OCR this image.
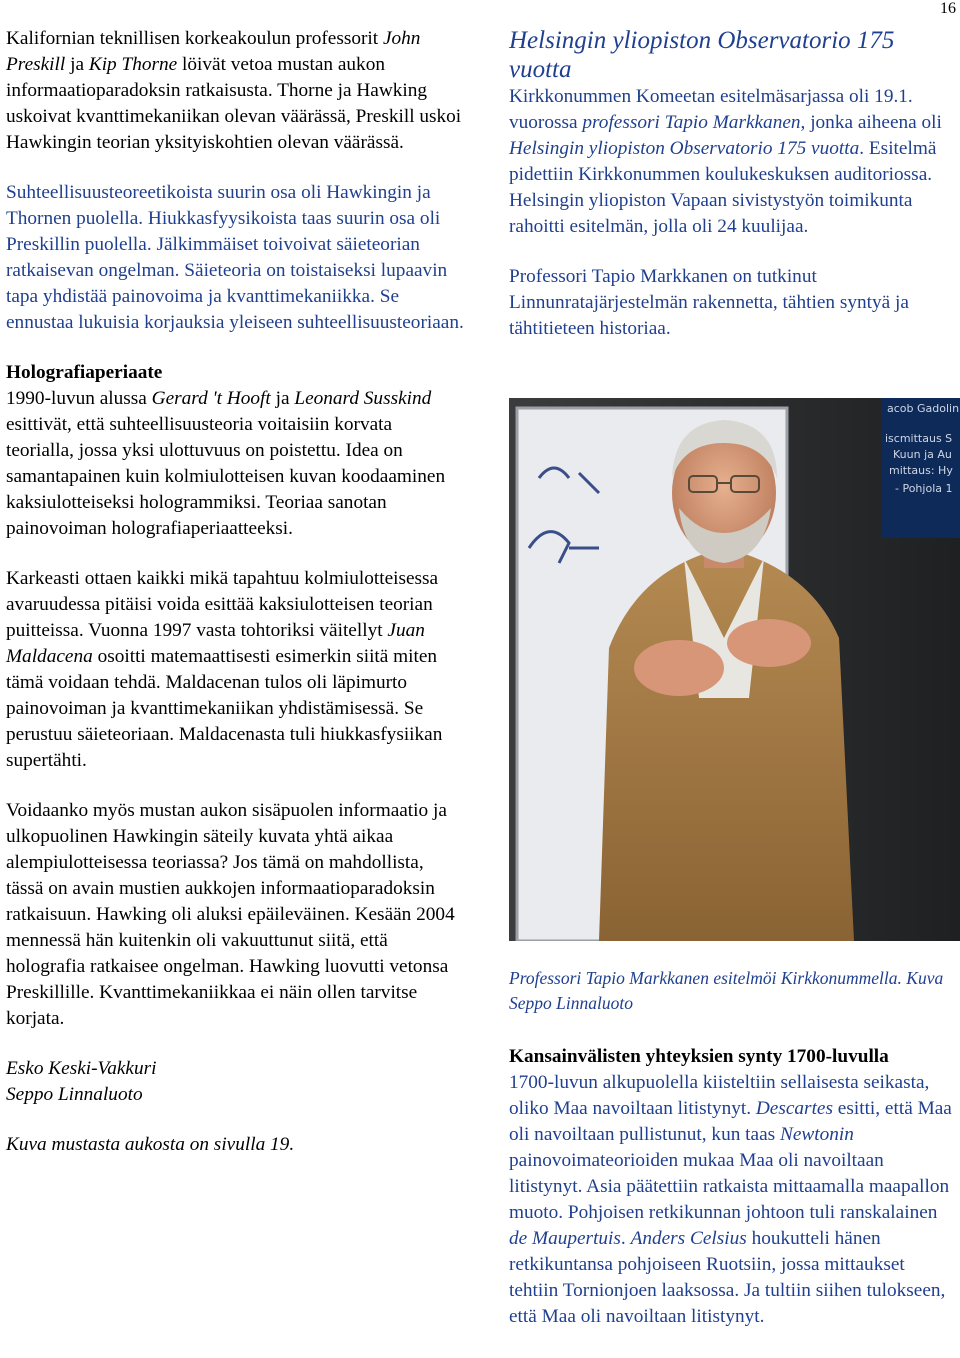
16

Kalifornian teknillisen korkeakoulun professorit John Preskill ja Kip Thorne löivät vetoa mustan aukon informaatioparadoksin ratkaisusta. Thorne ja Hawking uskoivat kvanttimekaniikan olevan väärässä, Preskill uskoi Hawkingin teorian yksityiskohtien olevan väärässä.

Suhteellisuusteoreetikoista suurin osa oli Hawkingin ja Thornen puolella. Hiukkasfyysikoista taas suurin osa oli Preskillin puolella. Jälkimmäiset toivoivat säieteorian ratkaisevan ongelman. Säieteoria on toistaiseksi lupaavin tapa yhdistää painovoima ja kvanttimekaniikka. Se ennustaa lukuisia korjauksia yleiseen suhteellisuusteoriaan.

Holografiaperiaate

1990-luvun alussa Gerard 't Hooft ja Leonard Susskind esittivät, että suhteellisuusteoria voitaisiin korvata teorialla, jossa yksi ulottuvuus on poistettu. Idea on samantapainen kuin kolmiulotteisen kuvan koodaaminen kaksiulotteiseksi hologrammiksi. Teoriaa sanotan painovoiman holografiaperiaatteeksi.

Karkeasti ottaen kaikki mikä tapahtuu kolmiulotteisessa avaruudessa pitäisi voida esittää kaksiulotteisen teorian puitteissa. Vuonna 1997 vasta tohtoriksi väitellyt Juan Maldacena osoitti matemaattisesti esimerkin siitä miten tämä voidaan tehdä. Maldacenan tulos oli läpimurto painovoiman ja kvanttimekaniikan yhdistämisessä. Se perustuu säieteoriaan. Maldacenasta tuli hiukkasfysiikan supertähti.

Voidaanko myös mustan aukon sisäpuolen informaatio ja ulkopuolinen Hawkingin säteily kuvata yhtä aikaa alempiulotteisessa teoriassa? Jos tämä on mahdollista, tässä on avain mustien aukkojen informaatioparadoksin ratkaisuun. Hawking oli aluksi epäileväinen. Kesään 2004 mennessä hän kuitenkin oli vakuuttunut siitä, että holografia ratkaisee ongelman. Hawking luovutti vetonsa Preskillille. Kvanttimekaniikkaa ei näin ollen tarvitse korjata.

Esko Keski-Vakkuri

Seppo Linnaluoto

Kuva mustasta aukosta on sivulla 19.

Helsingin yliopiston Observatorio 175 vuotta

Kirkkonummen Komeetan esitelmäsarjassa oli 19.1. vuorossa professori Tapio Markkanen, jonka aiheena oli Helsingin yliopiston Observatorio 175 vuotta. Esitelmä pidettiin Kirkkonummen koulukeskuksen auditoriossa. Helsingin yliopiston Vapaan sivistystyön toimikunta rahoitti esitelmän, jolla oli 24 kuulijaa.

Professori Tapio Markkanen on tutkinut Linnunratajärjestelmän rakennetta, tähtien syntyä ja tähtitieteen historiaa.

acob Gadolin
iscmittaus S
Kuun ja Au
mittaus: Hy
- Pohjola 1
Professori Tapio Markkanen esitelmöi Kirkkonummella. Kuva Seppo Linnaluoto

Kansainvälisten yhteyksien synty 1700-luvulla

1700-luvun alkupuolella kiisteltiin sellaisesta seikasta, oliko Maa navoiltaan litistynyt. Descartes esitti, että Maa oli navoiltaan pullistunut, kun taas Newtonin painovoimateorioiden mukaa Maa oli navoiltaan litistynyt. Asia päätettiin ratkaista mittaamalla maapallon muoto. Pohjoisen retkikunnan johtoon tuli ranskalainen de Maupertuis. Anders Celsius houkutteli hänen retkikuntansa pohjoiseen Ruotsiin, jossa mittaukset tehtiin Tornionjoen laaksossa. Ja tultiin siihen tulokseen, että Maa oli navoiltaan litistynyt.
